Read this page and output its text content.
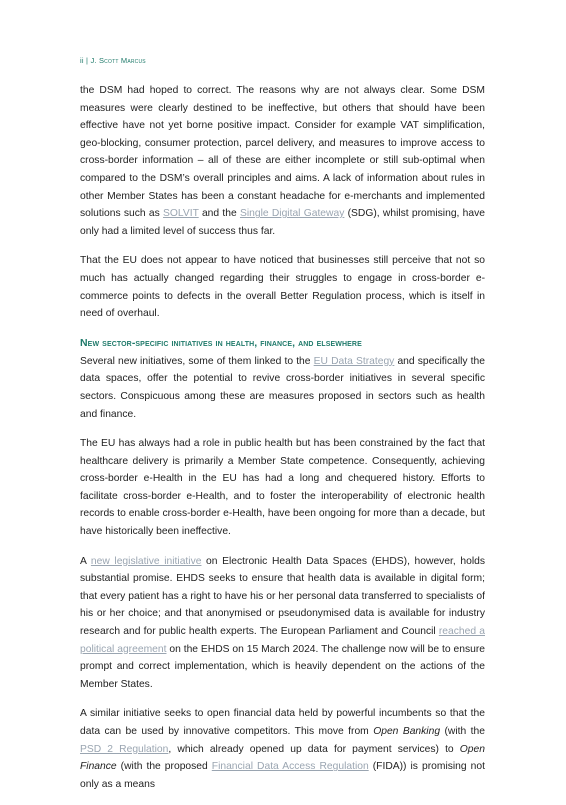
ii | J. Scott Marcus

the DSM had hoped to correct. The reasons why are not always clear. Some DSM measures were clearly destined to be ineffective, but others that should have been effective have not yet borne positive impact. Consider for example VAT simplification, geo-blocking, consumer protection, parcel delivery, and measures to improve access to cross-border information – all of these are either incomplete or still sub-optimal when compared to the DSM’s overall principles and aims. A lack of information about rules in other Member States has been a constant headache for e-merchants and implemented solutions such as SOLVIT and the Single Digital Gateway (SDG), whilst promising, have only had a limited level of success thus far.

That the EU does not appear to have noticed that businesses still perceive that not so much has actually changed regarding their struggles to engage in cross-border e-commerce points to defects in the overall Better Regulation process, which is itself in need of overhaul.

New sector-specific initiatives in health, finance, and elsewhere

Several new initiatives, some of them linked to the EU Data Strategy and specifically the data spaces, offer the potential to revive cross-border initiatives in several specific sectors. Conspicuous among these are measures proposed in sectors such as health and finance.

The EU has always had a role in public health but has been constrained by the fact that healthcare delivery is primarily a Member State competence. Consequently, achieving cross-border e-Health in the EU has had a long and chequered history. Efforts to facilitate cross-border e-Health, and to foster the interoperability of electronic health records to enable cross-border e-Health, have been ongoing for more than a decade, but have historically been ineffective.

A new legislative initiative on Electronic Health Data Spaces (EHDS), however, holds substantial promise. EHDS seeks to ensure that health data is available in digital form; that every patient has a right to have his or her personal data transferred to specialists of his or her choice; and that anonymised or pseudonymised data is available for industry research and for public health experts. The European Parliament and Council reached a political agreement on the EHDS on 15 March 2024. The challenge now will be to ensure prompt and correct implementation, which is heavily dependent on the actions of the Member States.

A similar initiative seeks to open financial data held by powerful incumbents so that the data can be used by innovative competitors. This move from Open Banking (with the PSD 2 Regulation, which already opened up data for payment services) to Open Finance (with the proposed Financial Data Access Regulation (FIDA)) is promising not only as a means
